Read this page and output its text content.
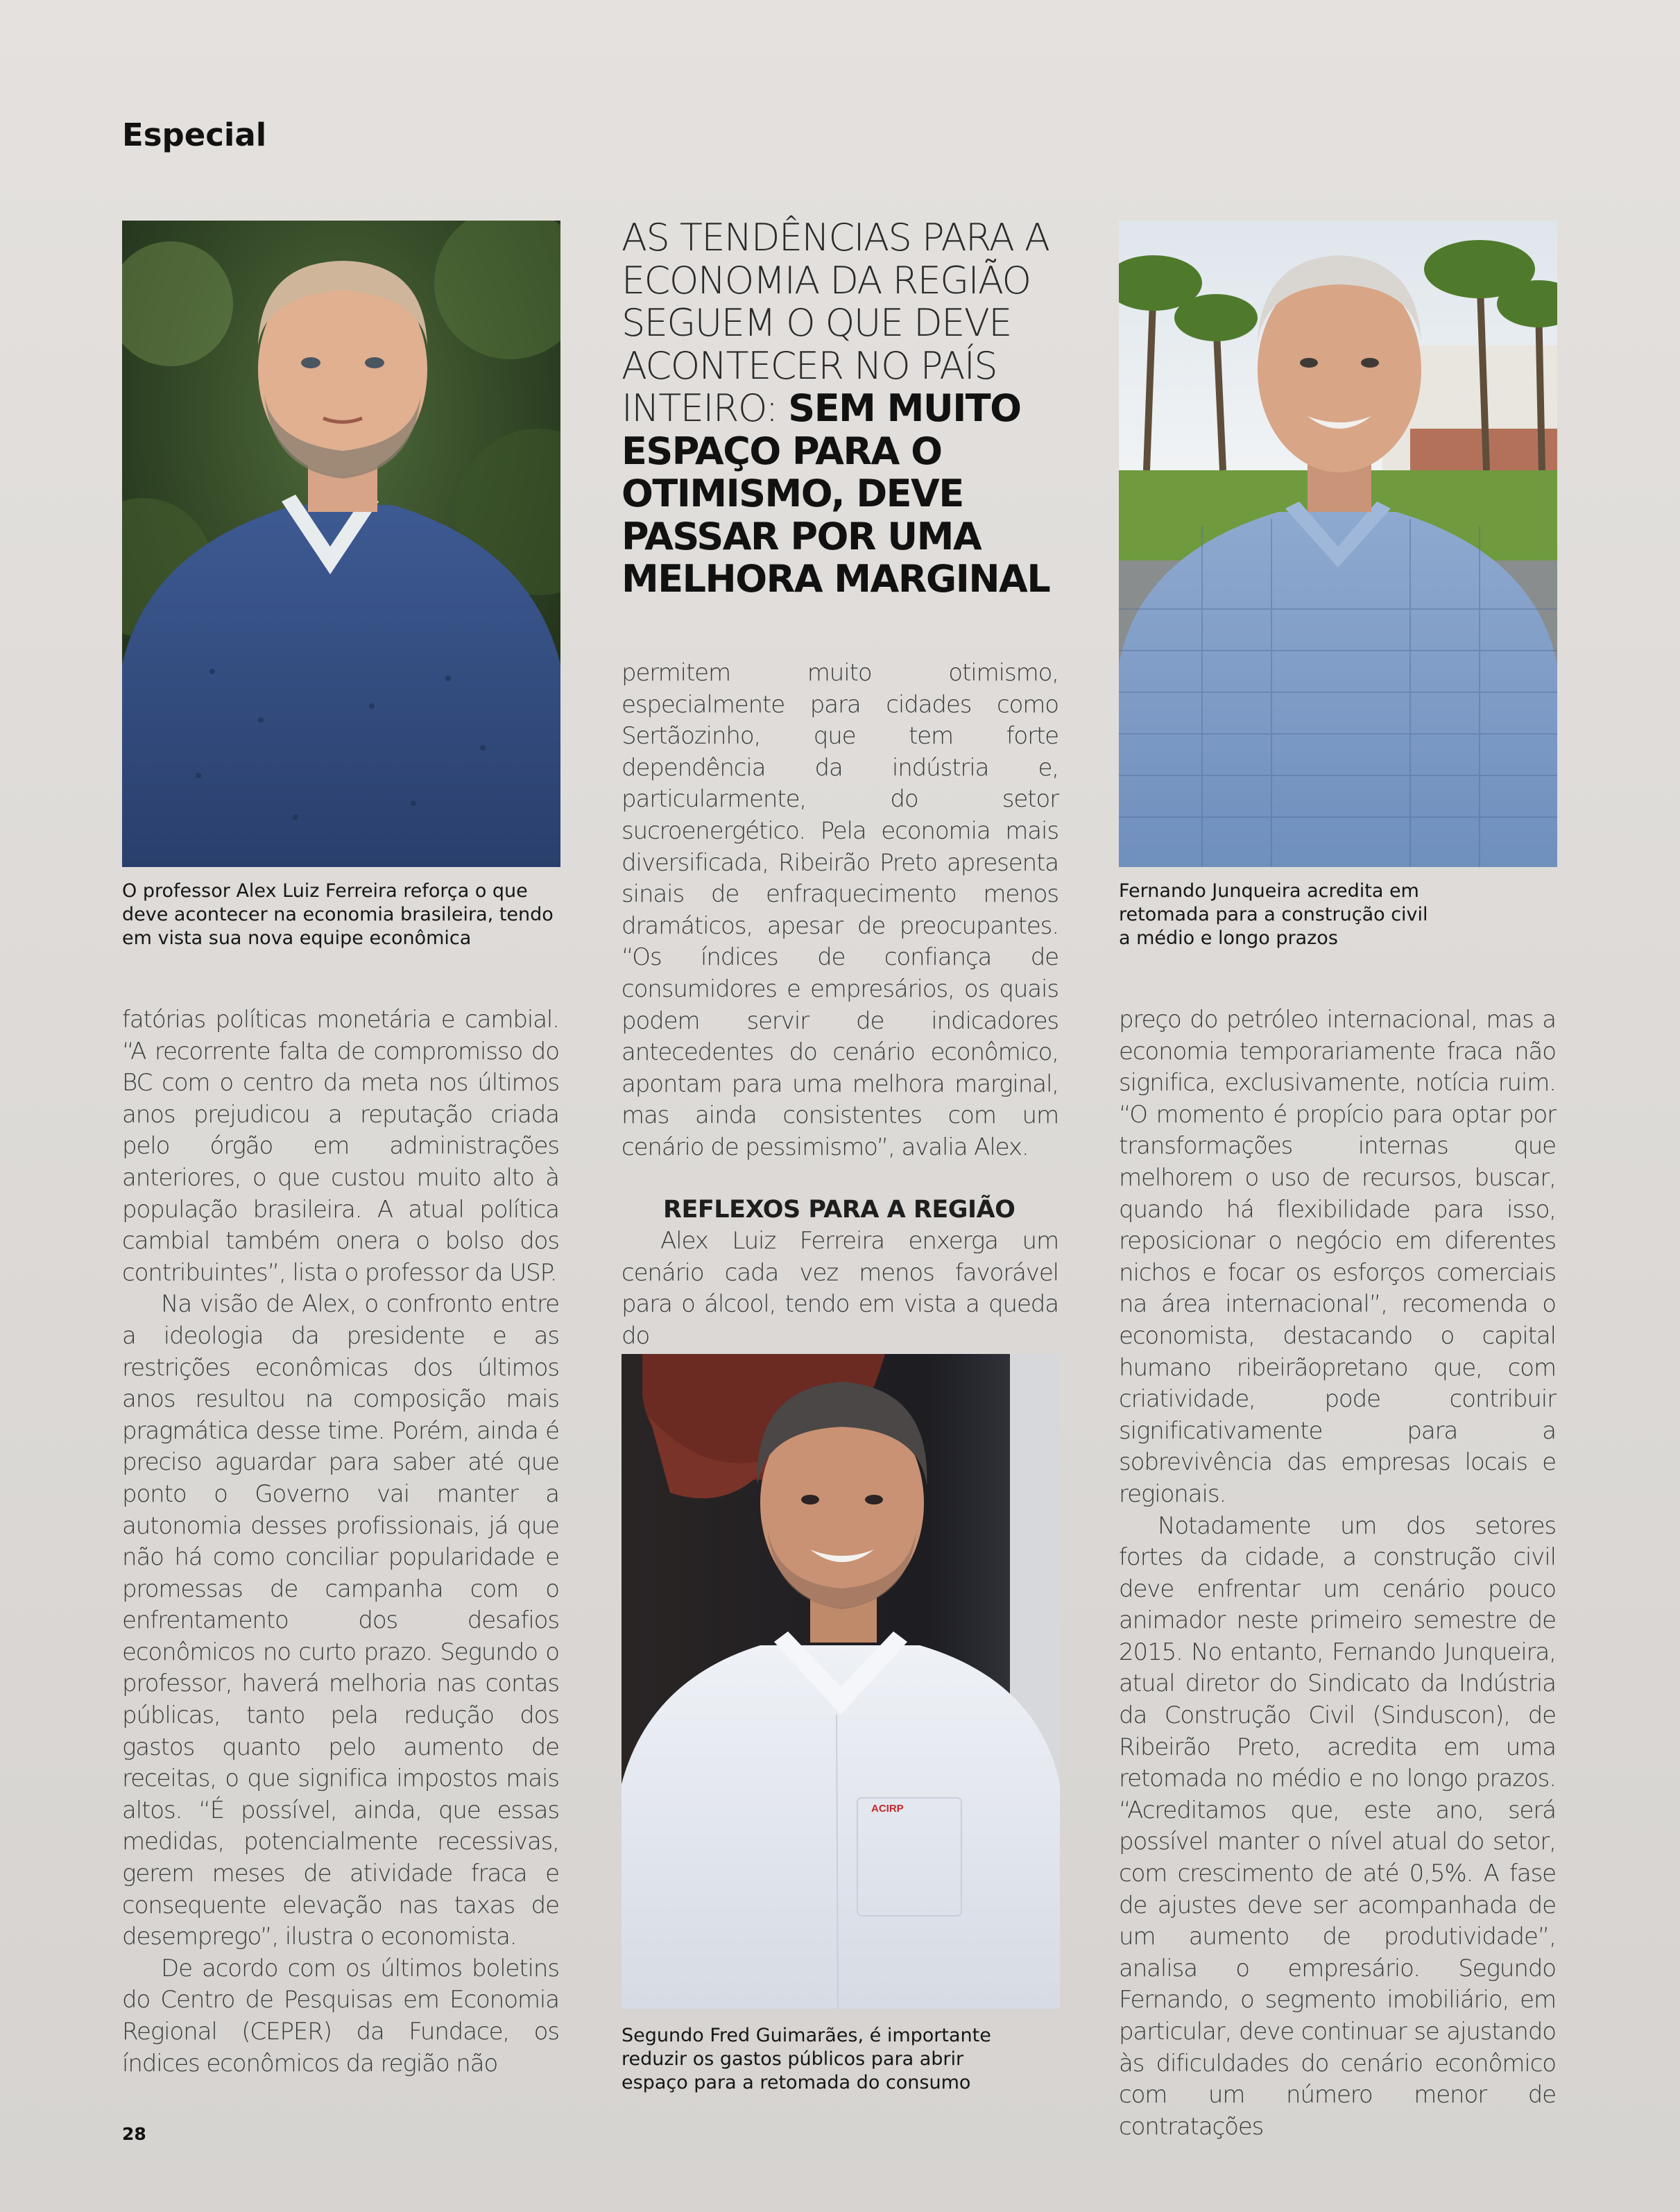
Especial
O professor Alex Luiz Ferreira reforça o que deve acontecer na economia brasileira, tendo em vista sua nova equipe econômica
AS TENDÊNCIAS PARA A ECONOMIA DA REGIÃO SEGUEM O QUE DEVE ACONTECER NO PAÍS INTEIRO: SEM MUITO ESPAÇO PARA O OTIMISMO, DEVE PASSAR POR UMA MELHORA MARGINAL
Fernando Junqueira acredita em retomada para a construção civil a médio e longo prazos

fatórias políticas monetária e cambial. “A recorrente falta de compromisso do BC com o centro da meta nos últimos anos prejudicou a reputação criada pelo órgão em administrações anteriores, o que custou muito alto à população brasileira. A atual política cambial também onera o bolso dos contribuintes”, lista o professor da USP.

Na visão de Alex, o confronto entre a ideologia da presidente e as restrições econômicas dos últimos anos resultou na composição mais pragmática desse time. Porém, ainda é preciso aguardar para saber até que ponto o Governo vai manter a autonomia desses profissionais, já que não há como conciliar popularidade e promessas de campanha com o enfrentamento dos desafios econômicos no curto prazo. Segundo o professor, haverá melhoria nas contas públicas, tanto pela redução dos gastos quanto pelo aumento de receitas, o que significa impostos mais altos. “É possível, ainda, que essas medidas, potencialmente recessivas, gerem meses de atividade fraca e consequente elevação nas taxas de desemprego”, ilustra o economista.

De acordo com os últimos boletins do Centro de Pesquisas em Economia Regional (CEPER) da Fundace, os índices econômicos da região não

permitem muito otimismo, especialmente para cidades como Sertãozinho, que tem forte dependência da indústria e, particularmente, do setor sucroenergético. Pela economia mais diversificada, Ribeirão Preto apresenta sinais de enfraquecimento menos dramáticos, apesar de preocupantes. “Os índices de confiança de consumidores e empresários, os quais podem servir de indicadores antecedentes do cenário econômico, apontam para uma melhora marginal, mas ainda consistentes com um cenário de pessimismo”, avalia Alex.

REFLEXOS PARA A REGIÃO

Alex Luiz Ferreira enxerga um cenário cada vez menos favorável para o álcool, tendo em vista a queda do

ACIRP
Segundo Fred Guimarães, é importante reduzir os gastos públicos para abrir espaço para a retomada do consumo

preço do petróleo internacional, mas a economia temporariamente fraca não significa, exclusivamente, notícia ruim. “O momento é propício para optar por transformações internas que melhorem o uso de recursos, buscar, quando há flexibilidade para isso, reposicionar o negócio em diferentes nichos e focar os esforços comerciais na área internacional”, recomenda o economista, destacando o capital humano ribeirãopretano que, com criatividade, pode contribuir significativamente para a sobrevivência das empresas locais e regionais.

Notadamente um dos setores fortes da cidade, a construção civil deve enfrentar um cenário pouco animador neste primeiro semestre de 2015. No entanto, Fernando Junqueira, atual diretor do Sindicato da Indústria da Construção Civil (Sinduscon), de Ribeirão Preto, acredita em uma retomada no médio e no longo prazos. “Acreditamos que, este ano, será possível manter o nível atual do setor, com crescimento de até 0,5%. A fase de ajustes deve ser acompanhada de um aumento de produtividade”, analisa o empresário. Segundo Fernando, o segmento imobiliário, em particular, deve continuar se ajustando às dificuldades do cenário econômico com um número menor de contratações

28
